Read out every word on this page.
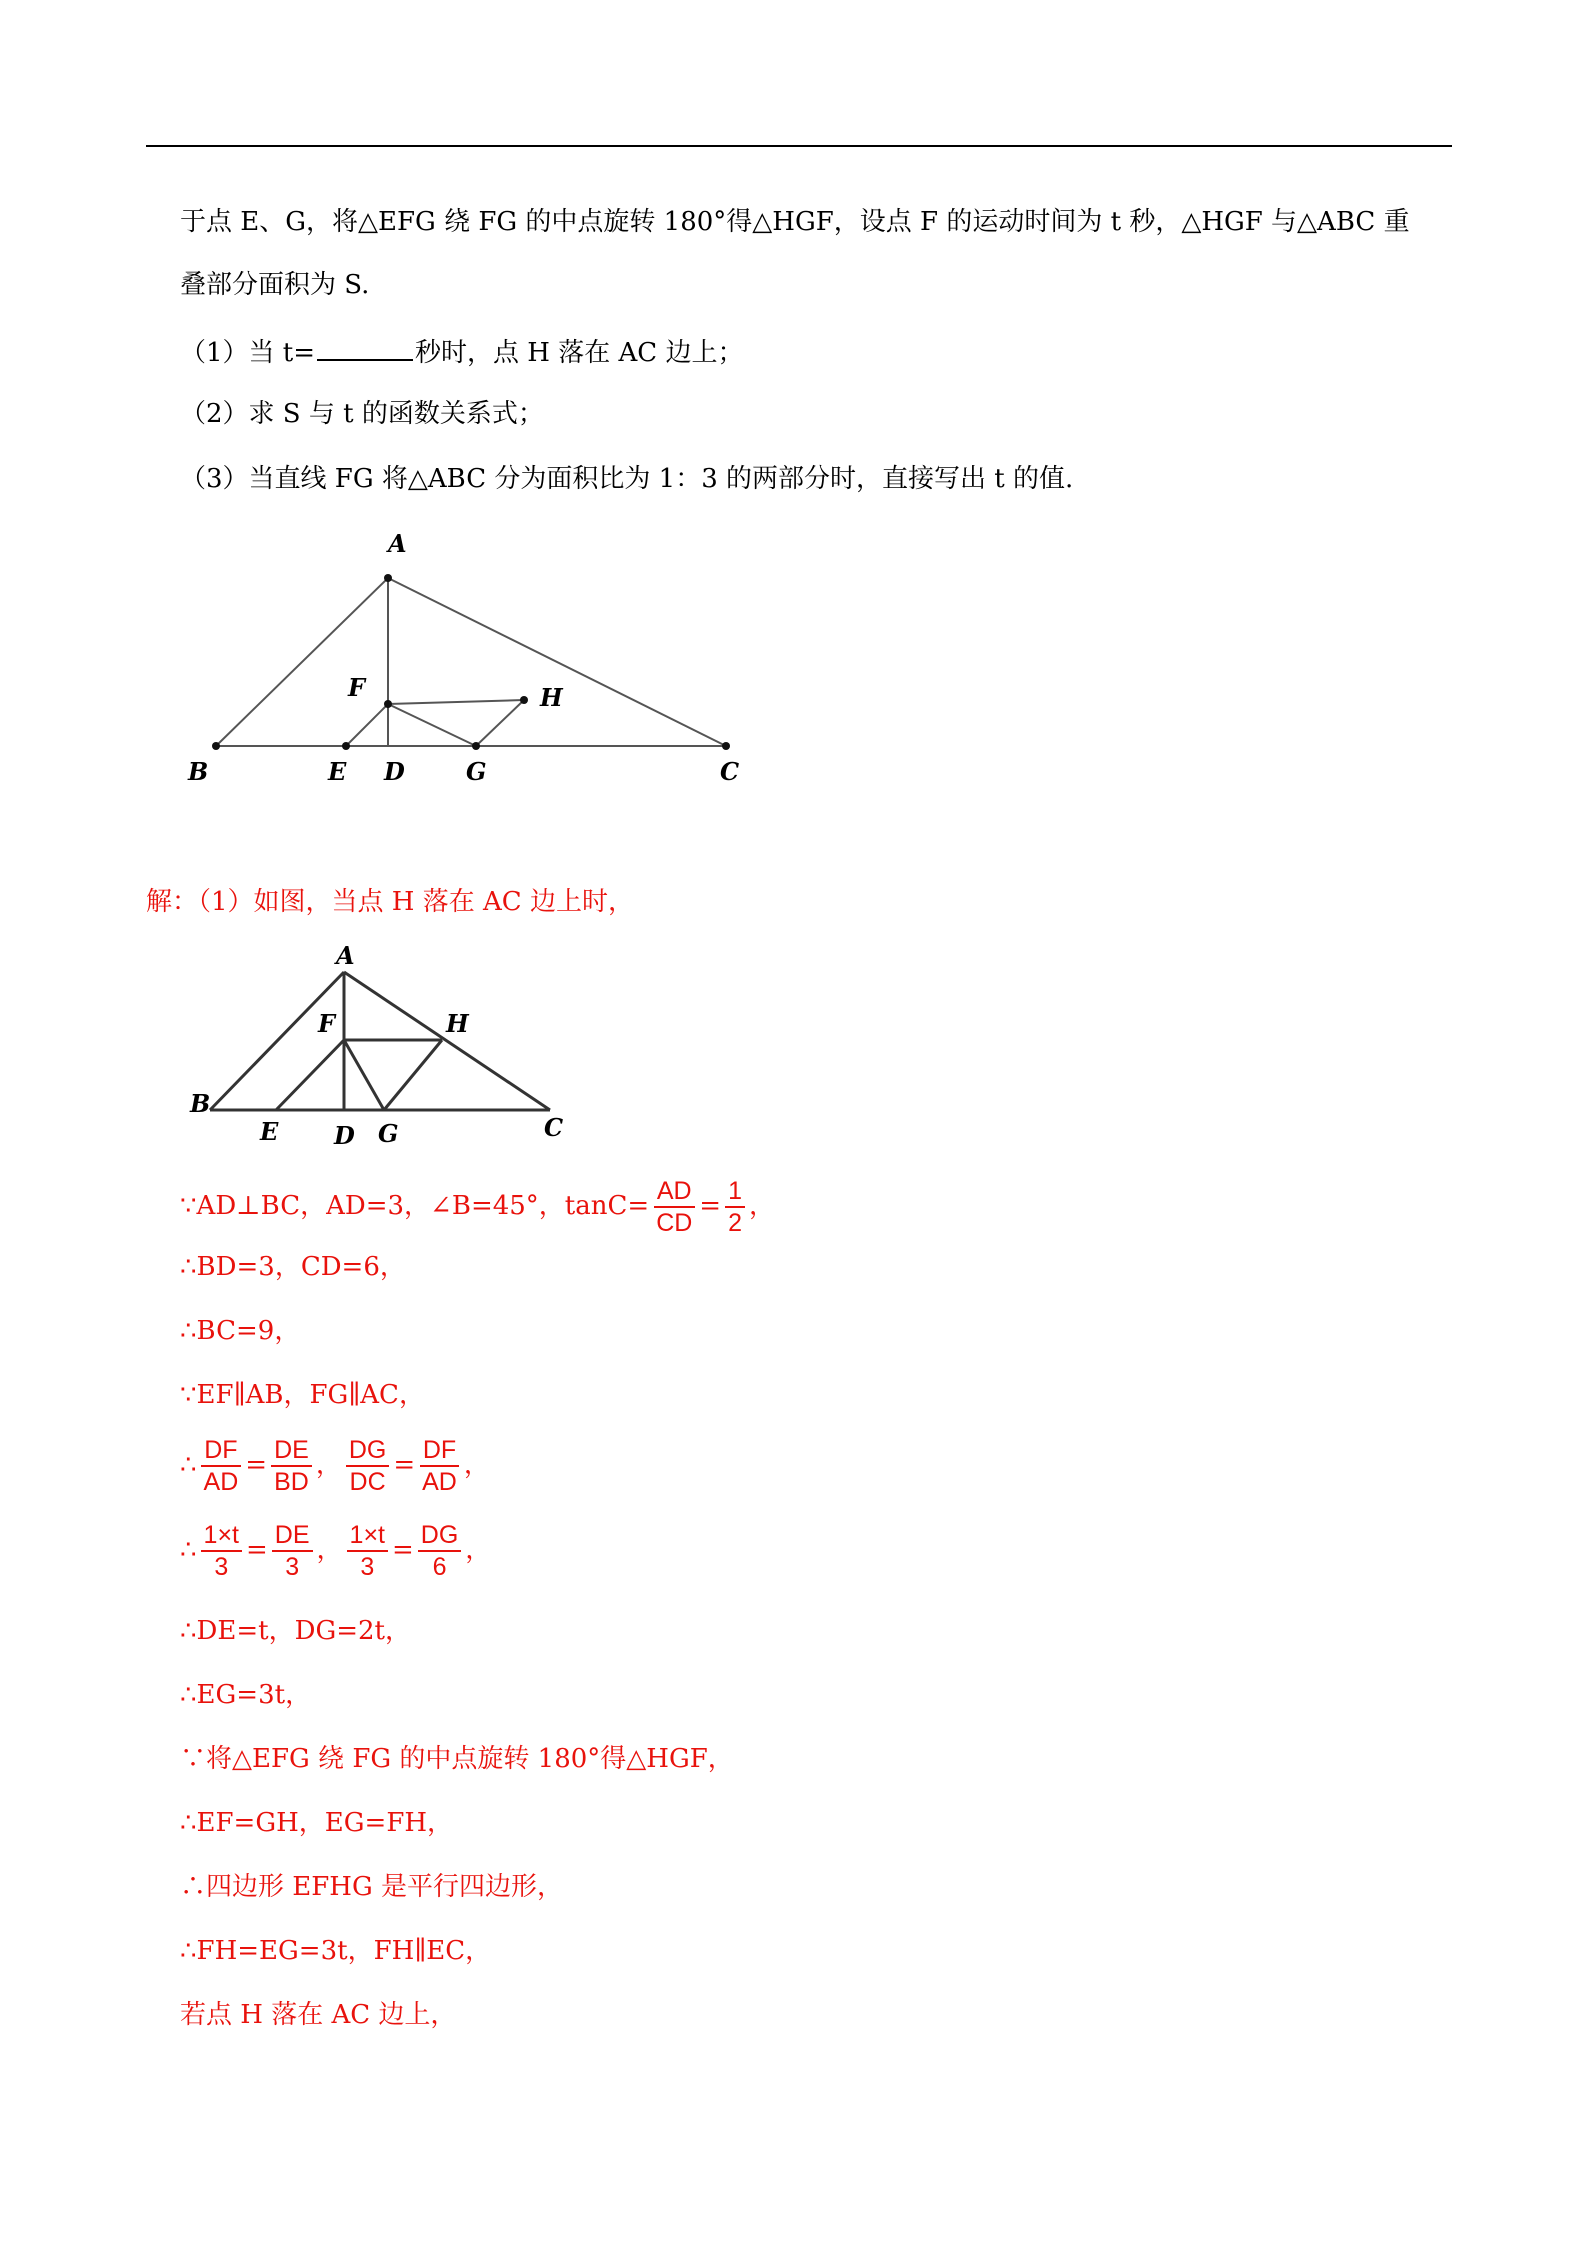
于点 E、G，将△EFG 绕 FG 的中点旋转 180°得△HGF，设点 F 的运动时间为 t 秒，△HGF 与△ABC 重
叠部分面积为 S.
（1）当 t=	秒时，点 H 落在 AC 边上；
（2）求 S 与 t 的函数关系式；
（3）当直线 FG 将△ABC 分为面积比为 1：3 的两部分时，直接写出 t 的值.
A
B	C
D
E
F
G
H
解：（1）如图，当点 H 落在 AC 边上时，
A
B
C
D
E
F
G
H
∵AD⊥BC，AD=3，∠B=45°，$\tan C= \frac{AD}{CD} = \frac{1}{2}$ ，
∴BD=3，CD=6，
∴BC=9，
∵EF∥AB，FG∥AC，
∴ $\frac{DF}{AD} = \frac{DE}{BD}$ ， $\frac{DG}{DC} = \frac{DF}{AD}$ ，
∴ $\frac{1\times t}{3} = \frac{DE}{3}$ ， $\frac{1\times t}{3} = \frac{DG}{6}$ ，
∴DE=t，DG=2t，
∴EG=3t，
∵将△EFG 绕 FG 的中点旋转 180°得△HGF，
∴EF=GH，EG=FH，
∴四边形 EFHG 是平行四边形，
∴FH=EG=3t，FH∥EC，
若点 H 落在 AC 边上，
